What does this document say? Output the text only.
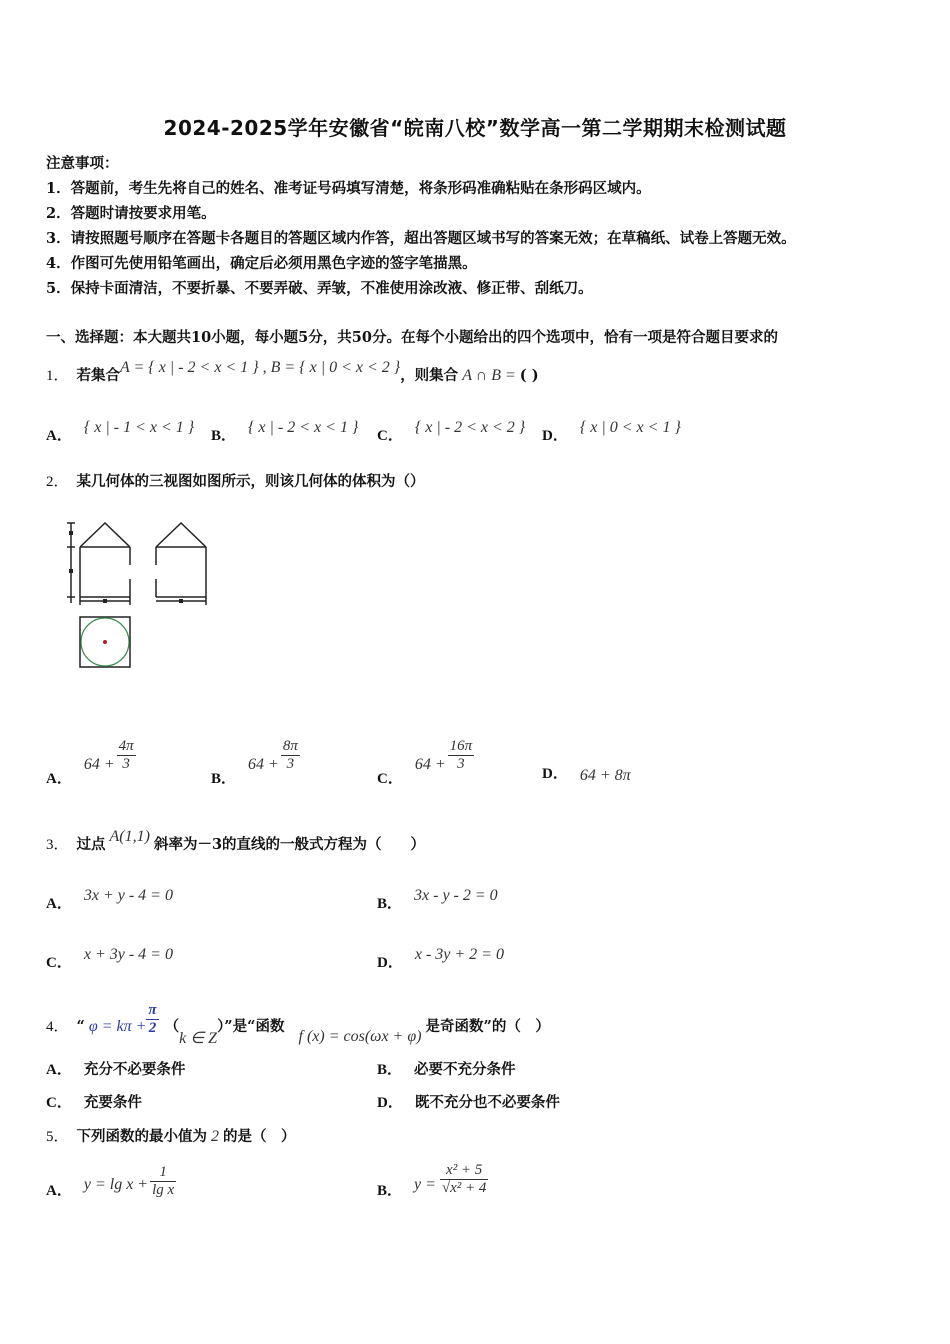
2024-2025学年安徽省“皖南八校”数学高一第二学期期末检测试题
注意事项：
1．答题前，考生先将自己的姓名、准考证号码填写清楚，将条形码准确粘贴在条形码区域内。
2．答题时请按要求用笔。
3．请按照题号顺序在答题卡各题目的答题区域内作答，超出答题区域书写的答案无效；在草稿纸、试卷上答题无效。
4．作图可先使用铅笔画出，确定后必须用黑色字迹的签字笔描黑。
5．保持卡面清洁，不要折暴、不要弄破、弄皱，不准使用涂改液、修正带、刮纸刀。
一、选择题：本大题共10小题，每小题5分，共50分。在每个小题给出的四个选项中，恰有一项是符合题目要求的
1． 若集合A = { x | - 2 < x < 1 } , B = { x | 0 < x < 2 }，则集合 A ∩ B = ( )
A． { x | - 1 < x < 1 } B． { x | - 2 < x < 1 } C． { x | - 2 < x < 2 } D． { x | 0 < x < 1 }
2． 某几何体的三视图如图所示，则该几何体的体积为（）
A．$64 + \frac{4\pi}{3}$
B．$64 + \frac{8\pi}{3}$
C．$64 + \frac{16\pi}{3}$
D． 64 + 8π
3． 过点 A(1,1) 斜率为－3的直线的一般式方程为（　　）
A． 3x + y - 4 = 0	B． 3x - y - 2 = 0
C． x + 3y - 4 = 0	D． x - 3y + 2 = 0
4． “ $\varphi = k\pi + \frac{\pi}{2} (k$ ∈ Z）”是“函数f (x) = cos(ωx + φ)是奇函数”的（　）
A． 充分不必要条件	B． 必要不充分条件
C． 充要条件	D． 既不充分也不必要条件
5． 下列函数的最小值为 2 的是（　）
A． $y = \lg x + \frac{1}{\text{lg x}}$	B． $y = \frac{\text{x² + 5}}{\text{√x² + 4}}$
